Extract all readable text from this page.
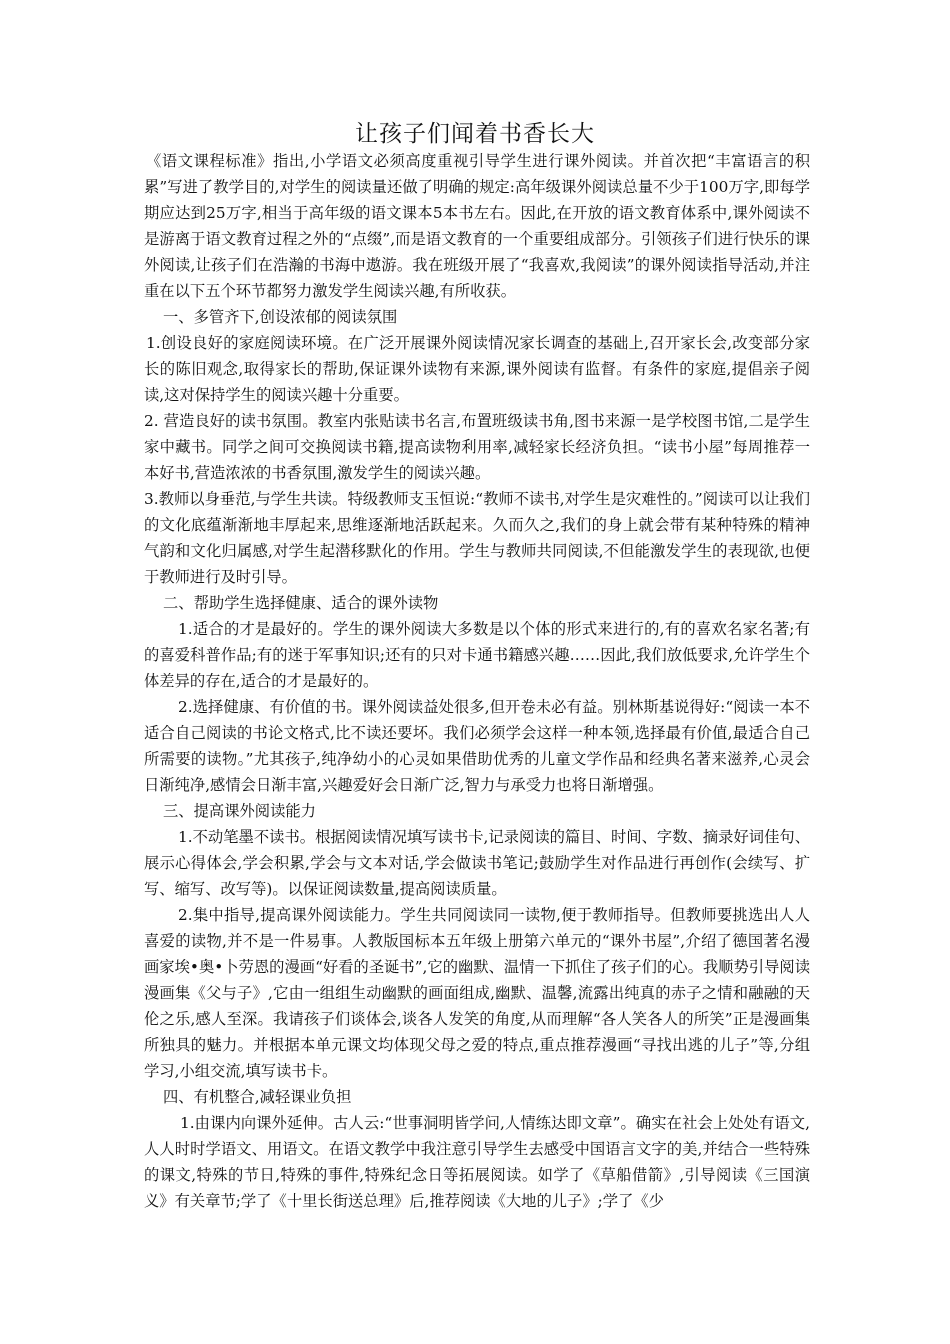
让孩子们闻着书香长大

《语文课程标准》指出,小学语文必须高度重视引导学生进行课外阅读。并首次把“丰富语言的积累”写进了教学目的,对学生的阅读量还做了明确的规定:高年级课外阅读总量不少于100万字,即每学期应达到25万字,相当于高年级的语文课本5本书左右。因此,在开放的语文教育体系中,课外阅读不是游离于语文教育过程之外的“点缀”,而是语文教育的一个重要组成部分。引领孩子们进行快乐的课外阅读,让孩子们在浩瀚的书海中遨游。我在班级开展了“我喜欢,我阅读”的课外阅读指导活动,并注重在以下五个环节都努力激发学生阅读兴趣,有所收获。

一、多管齐下,创设浓郁的阅读氛围

1.创设良好的家庭阅读环境。在广泛开展课外阅读情况家长调查的基础上,召开家长会,改变部分家长的陈旧观念,取得家长的帮助,保证课外读物有来源,课外阅读有监督。有条件的家庭,提倡亲子阅读,这对保持学生的阅读兴趣十分重要。

2. 营造良好的读书氛围。教室内张贴读书名言,布置班级读书角,图书来源一是学校图书馆,二是学生家中藏书。同学之间可交换阅读书籍,提高读物利用率,减轻家长经济负担。“读书小屋”每周推荐一本好书,营造浓浓的书香氛围,激发学生的阅读兴趣。

3.教师以身垂范,与学生共读。特级教师支玉恒说:“教师不读书,对学生是灾难性的。”阅读可以让我们的文化底蕴渐渐地丰厚起来,思维逐渐地活跃起来。久而久之,我们的身上就会带有某种特殊的精神气韵和文化归属感,对学生起潜移默化的作用。学生与教师共同阅读,不但能激发学生的表现欲,也便于教师进行及时引导。

二、帮助学生选择健康、适合的课外读物

1.适合的才是最好的。学生的课外阅读大多数是以个体的形式来进行的,有的喜欢名家名著;有的喜爱科普作品;有的迷于军事知识;还有的只对卡通书籍感兴趣……因此,我们放低要求,允许学生个体差异的存在,适合的才是最好的。

2.选择健康、有价值的书。课外阅读益处很多,但开卷未必有益。别林斯基说得好:“阅读一本不适合自己阅读的书论文格式,比不读还要坏。我们必须学会这样一种本领,选择最有价值,最适合自己所需要的读物。”尤其孩子,纯净幼小的心灵如果借助优秀的儿童文学作品和经典名著来滋养,心灵会日渐纯净,感情会日渐丰富,兴趣爱好会日渐广泛,智力与承受力也将日渐增强。

三、提高课外阅读能力

1.不动笔墨不读书。根据阅读情况填写读书卡,记录阅读的篇目、时间、字数、摘录好词佳句、展示心得体会,学会积累,学会与文本对话,学会做读书笔记;鼓励学生对作品进行再创作(会续写、扩写、缩写、改写等)。以保证阅读数量,提高阅读质量。

2.集中指导,提高课外阅读能力。学生共同阅读同一读物,便于教师指导。但教师要挑选出人人喜爱的读物,并不是一件易事。人教版国标本五年级上册第六单元的“课外书屋”,介绍了德国著名漫画家埃•奥•卜劳恩的漫画“好看的圣诞书”,它的幽默、温情一下抓住了孩子们的心。我顺势引导阅读漫画集《父与子》,它由一组组生动幽默的画面组成,幽默、温馨,流露出纯真的赤子之情和融融的天伦之乐,感人至深。我请孩子们谈体会,谈各人发笑的角度,从而理解“各人笑各人的所笑”正是漫画集所独具的魅力。并根据本单元课文均体现父母之爱的特点,重点推荐漫画“寻找出逃的儿子”等,分组学习,小组交流,填写读书卡。

四、有机整合,减轻课业负担

1.由课内向课外延伸。古人云:“世事洞明皆学问,人情练达即文章”。确实在社会上处处有语文,人人时时学语文、用语文。在语文教学中我注意引导学生去感受中国语言文字的美,并结合一些特殊的课文,特殊的节日,特殊的事件,特殊纪念日等拓展阅读。如学了《草船借箭》,引导阅读《三国演义》有关章节;学了《十里长街送总理》后,推荐阅读《大地的儿子》;学了《少
